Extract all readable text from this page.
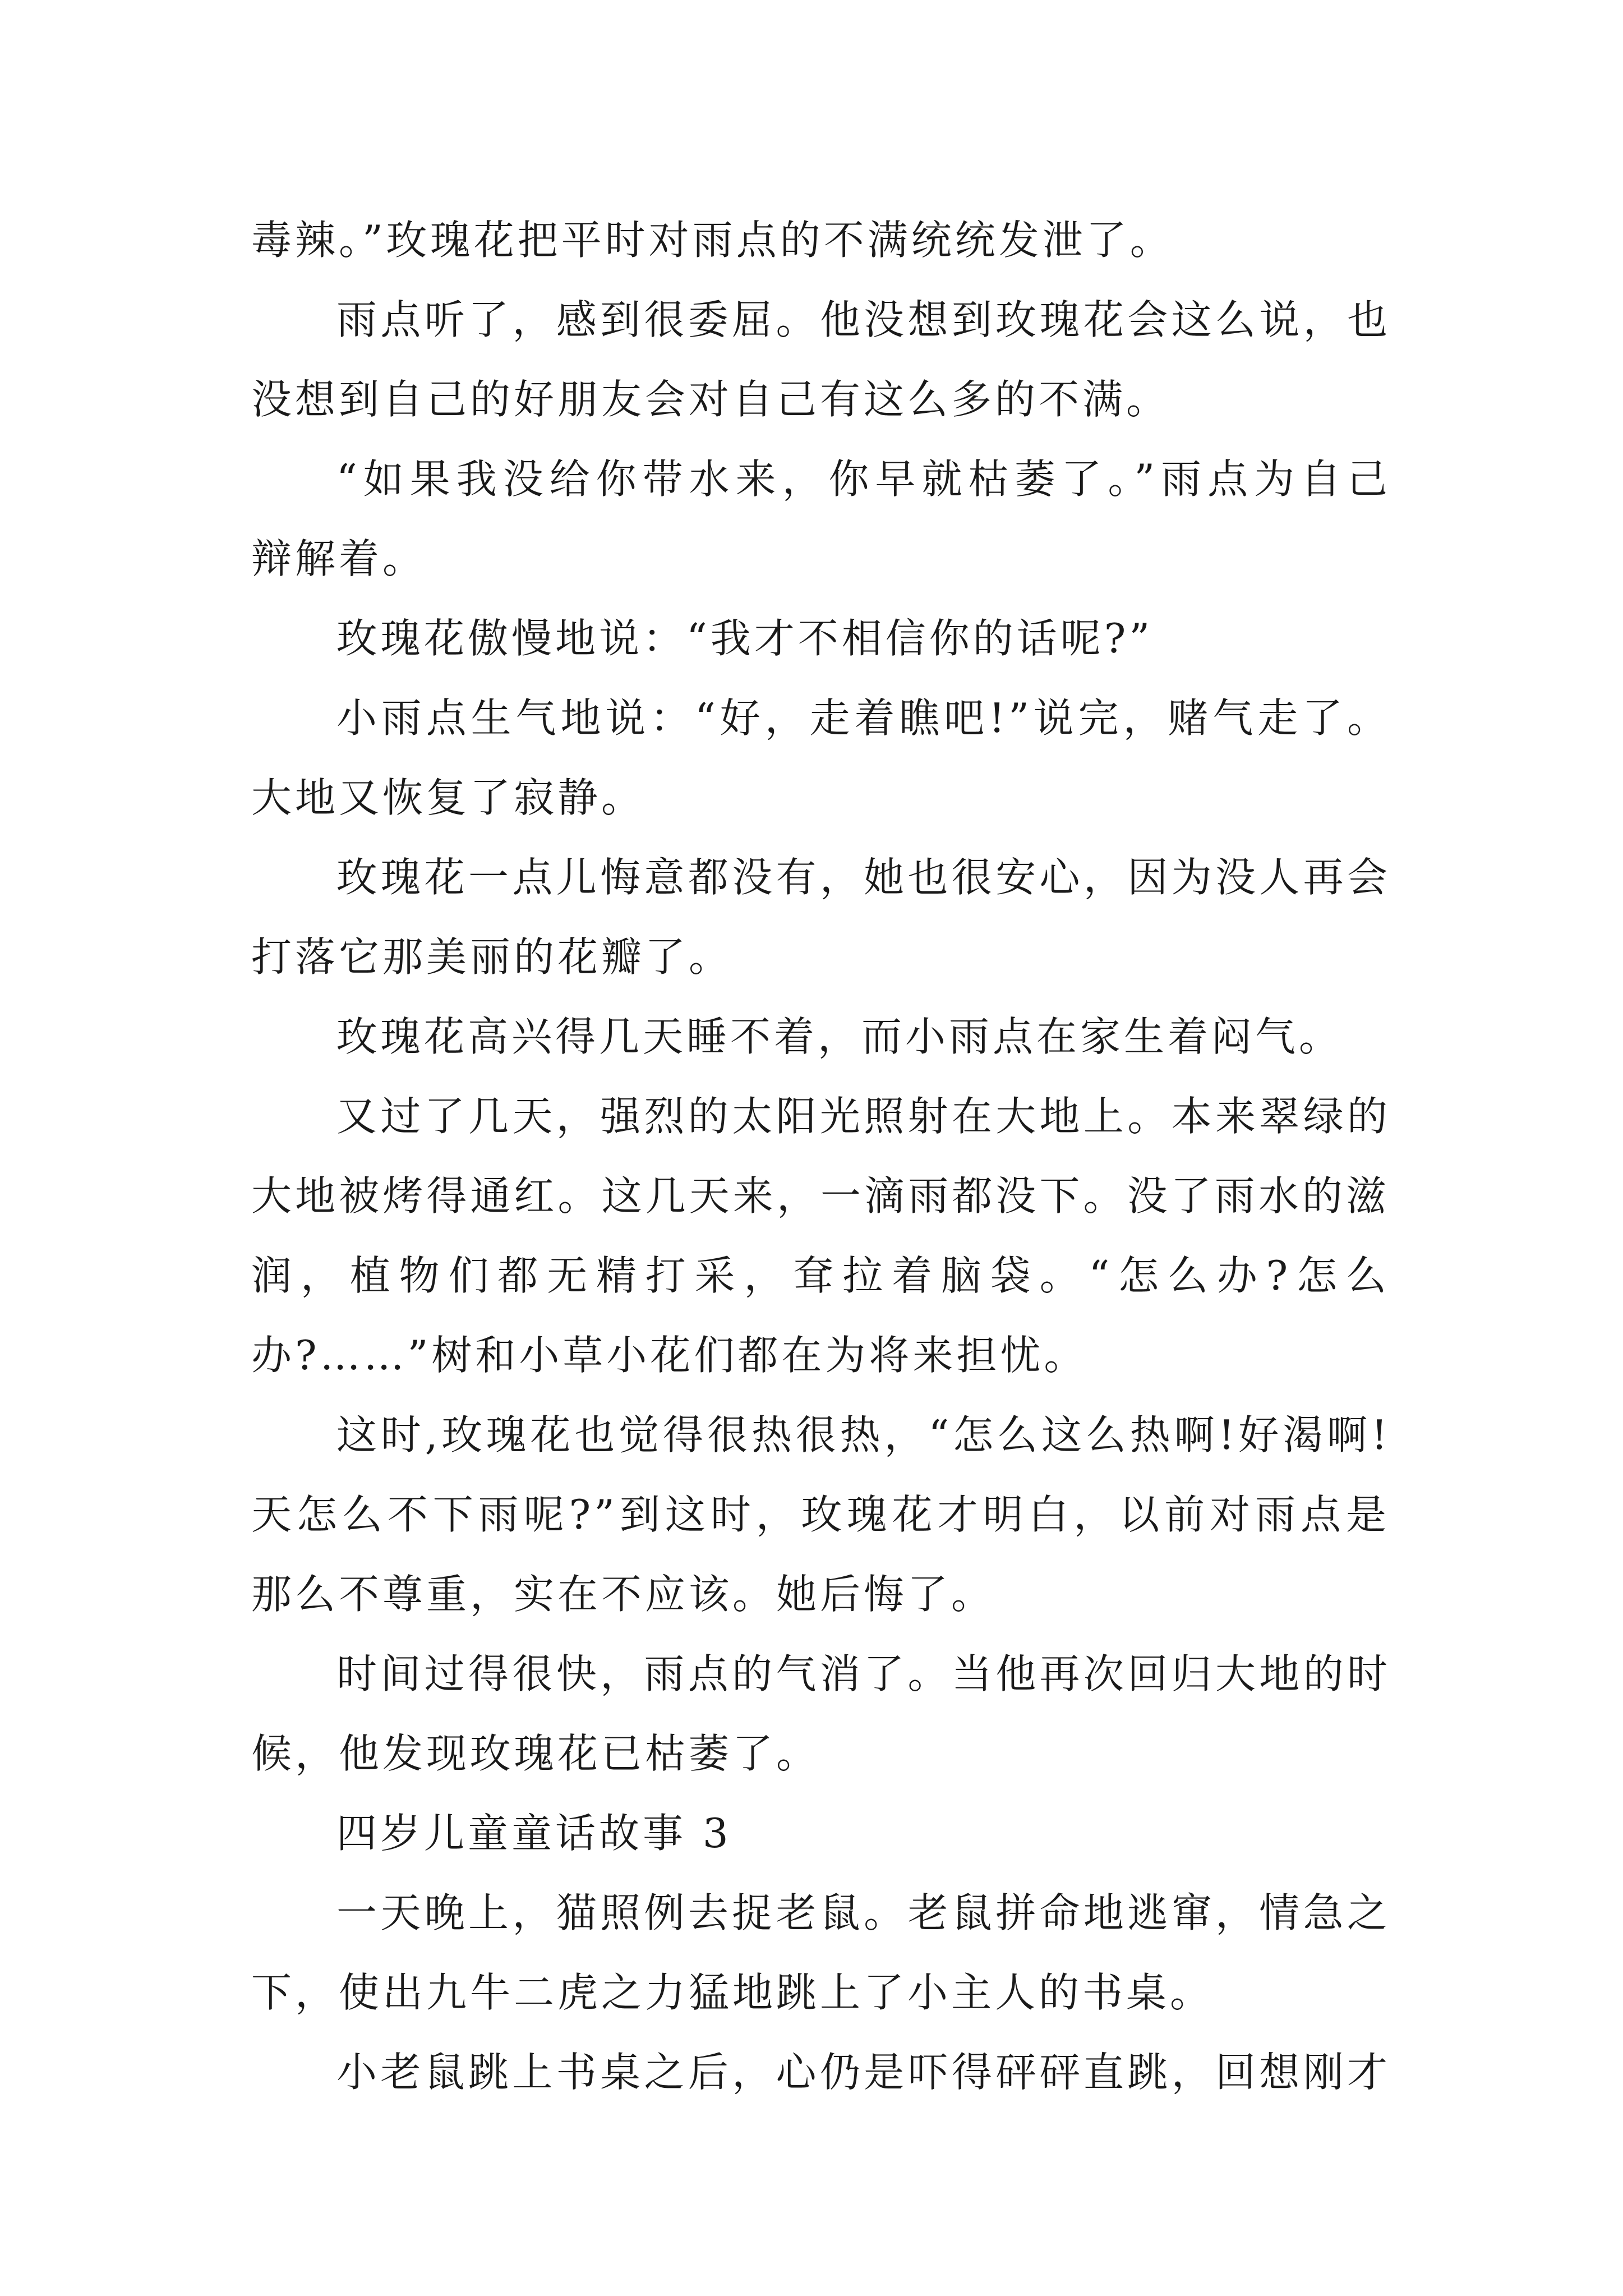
毒辣。”玫瑰花把平时对雨点的不满统统发泄了。
雨点听了，感到很委屈。他没想到玫瑰花会这么说，也
没想到自己的好朋友会对自己有这么多的不满。
“如果我没给你带水来，你早就枯萎了。”雨点为自己
辩解着。
玫瑰花傲慢地说：“我才不相信你的话呢?”
小雨点生气地说：“好，走着瞧吧!”说完，赌气走了。
大地又恢复了寂静。
玫瑰花一点儿悔意都没有，她也很安心，因为没人再会
打落它那美丽的花瓣了。
玫瑰花高兴得几天睡不着，而小雨点在家生着闷气。
又过了几天，强烈的太阳光照射在大地上。本来翠绿的
大地被烤得通红。这几天来，一滴雨都没下。没了雨水的滋
润，植物们都无精打采，耷拉着脑袋。“怎么办?怎么
办?……”树和小草小花们都在为将来担忧。
这时,玫瑰花也觉得很热很热，“怎么这么热啊!好渴啊!
天怎么不下雨呢?”到这时，玫瑰花才明白，以前对雨点是
那么不尊重，实在不应该。她后悔了。
时间过得很快，雨点的气消了。当他再次回归大地的时
候，他发现玫瑰花已枯萎了。
四岁儿童童话故事 3
一天晚上，猫照例去捉老鼠。老鼠拼命地逃窜，情急之
下，使出九牛二虎之力猛地跳上了小主人的书桌。
小老鼠跳上书桌之后，心仍是吓得砰砰直跳，回想刚才
